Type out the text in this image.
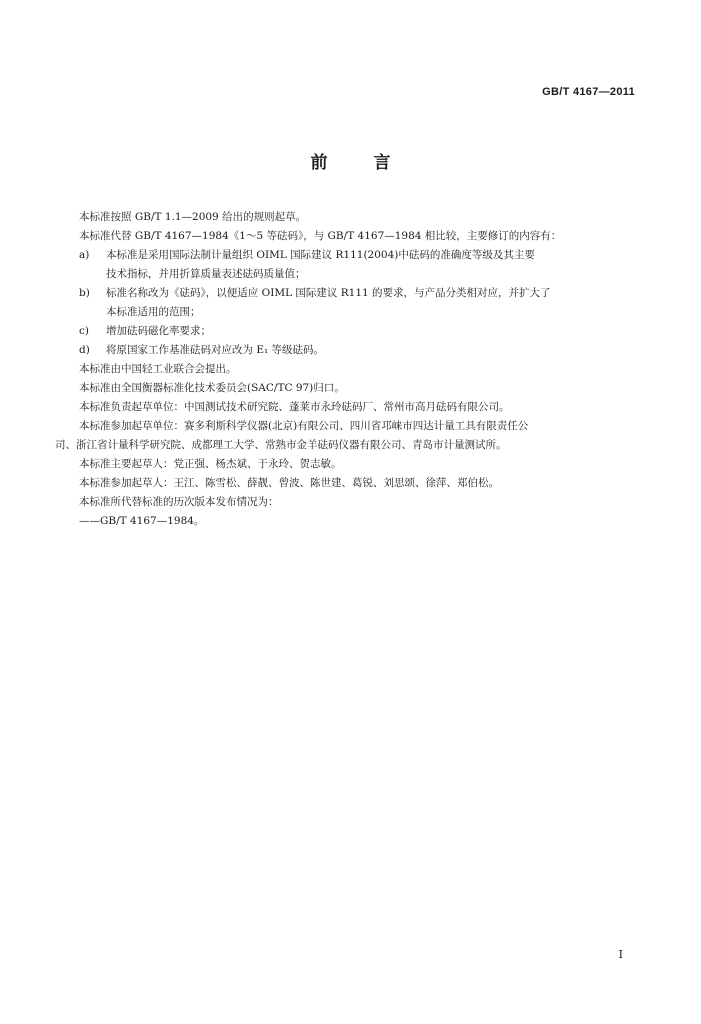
GB/T 4167—2011
前言
本标准按照 GB/T 1.1—2009 给出的规则起草。
本标准代替 GB/T 4167—1984《1～5 等砝码》，与 GB/T 4167—1984 相比较，主要修订的内容有：
a)	本标准是采用国际法制计量组织 OIML 国际建议 R111(2004)中砝码的准确度等级及其主要
技术指标，并用折算质量表述砝码质量值；
b)	标准名称改为《砝码》，以便适应 OIML 国际建议 R111 的要求，与产品分类相对应，并扩大了
本标准适用的范围；
c)	增加砝码磁化率要求；
d)	将原国家工作基准砝码对应改为 E₁ 等级砝码。
本标准由中国轻工业联合会提出。
本标准由全国衡器标准化技术委员会(SAC/TC 97)归口。
本标准负责起草单位：中国测试技术研究院、蓬莱市永玲砝码厂、常州市高月砝码有限公司。
本标准参加起草单位：赛多利斯科学仪器(北京)有限公司、四川省邛崃市四达计量工具有限责任公
司、浙江省计量科学研究院、成都理工大学、常熟市金羊砝码仪器有限公司、青岛市计量测试所。
本标准主要起草人：党正强、杨杰斌、于永玲、贺志敏。
本标准参加起草人：王江、陈雪松、薛靓、曾波、陈世建、葛锐、刘思颂、徐萍、郑伯松。
本标准所代替标准的历次版本发布情况为：
——GB/T 4167—1984。
I
